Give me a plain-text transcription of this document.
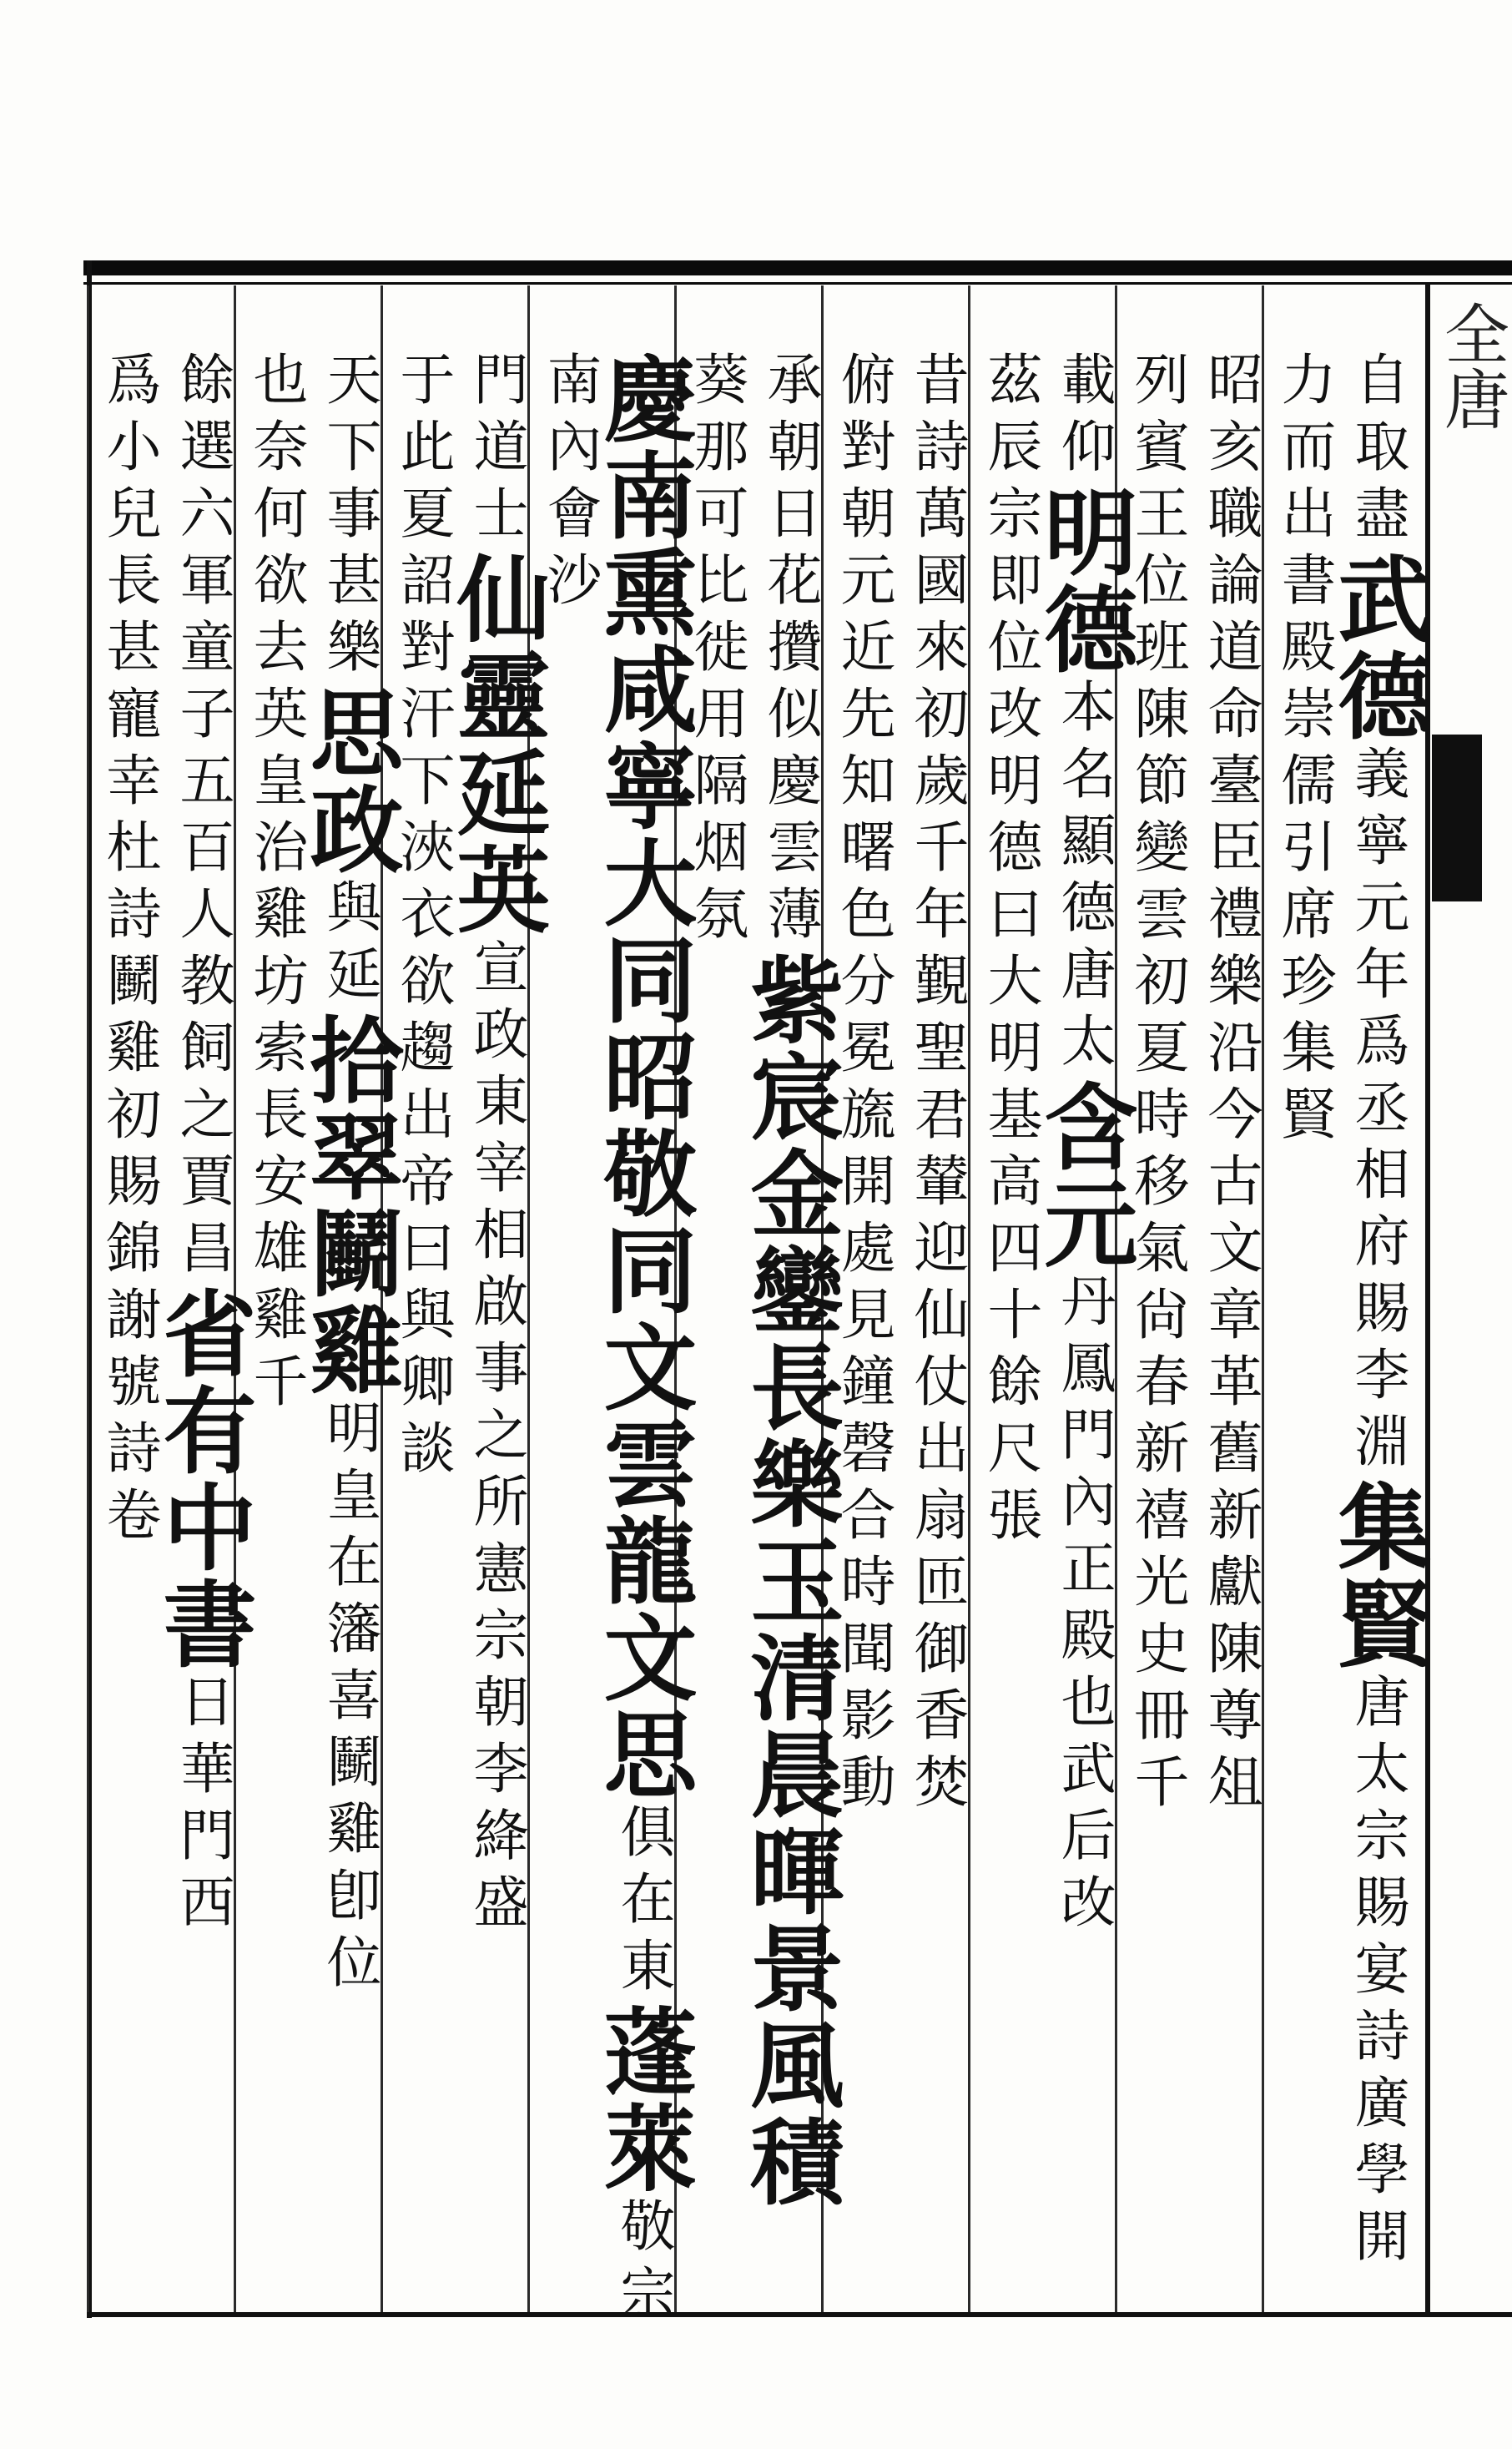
全唐
自取盡武德義寧元年爲丞相府賜李淵集賢唐太宗賜宴詩廣學開
力而出書殿崇儒引席珍集賢
昭亥職論道命臺臣禮樂沿今古文章革舊新獻陳尊俎
列賓王位班陳節變雲初夏時移氣尙春新禧光史冊千
載仰明德本名顯德唐太含元丹鳳門內正殿也武后改
茲辰宗即位改明德曰大明基高四十餘尺張
昔詩萬國來初歲千年覲聖君輦迎仙仗出扇匝御香焚
俯對朝元近先知曙色分冕旒開處見鐘磬合時聞影動
承朝日花攢似慶雲薄紫宸金鑾長樂玉清晨暉景風積
葵那可比徙用隔烟氛
慶南熏咸寧大同昭敬同文雲龍文思俱在東蓬萊敬宗
南內會沙
門道士仙靈延英宣政東宰相啟事之所憲宗朝李絳盛
于此夏詔對汗下浹衣欲趨出帝曰與卿談
天下事甚樂思政與延拾翠鬭雞明皇在籓喜鬭雞卽位
也奈何欲去英皇治雞坊索長安雄雞千
餘選六軍童子五百人教飼之賈昌省有中書日華門西
爲小兒長甚寵幸杜詩鬭雞初賜錦謝號詩卷
